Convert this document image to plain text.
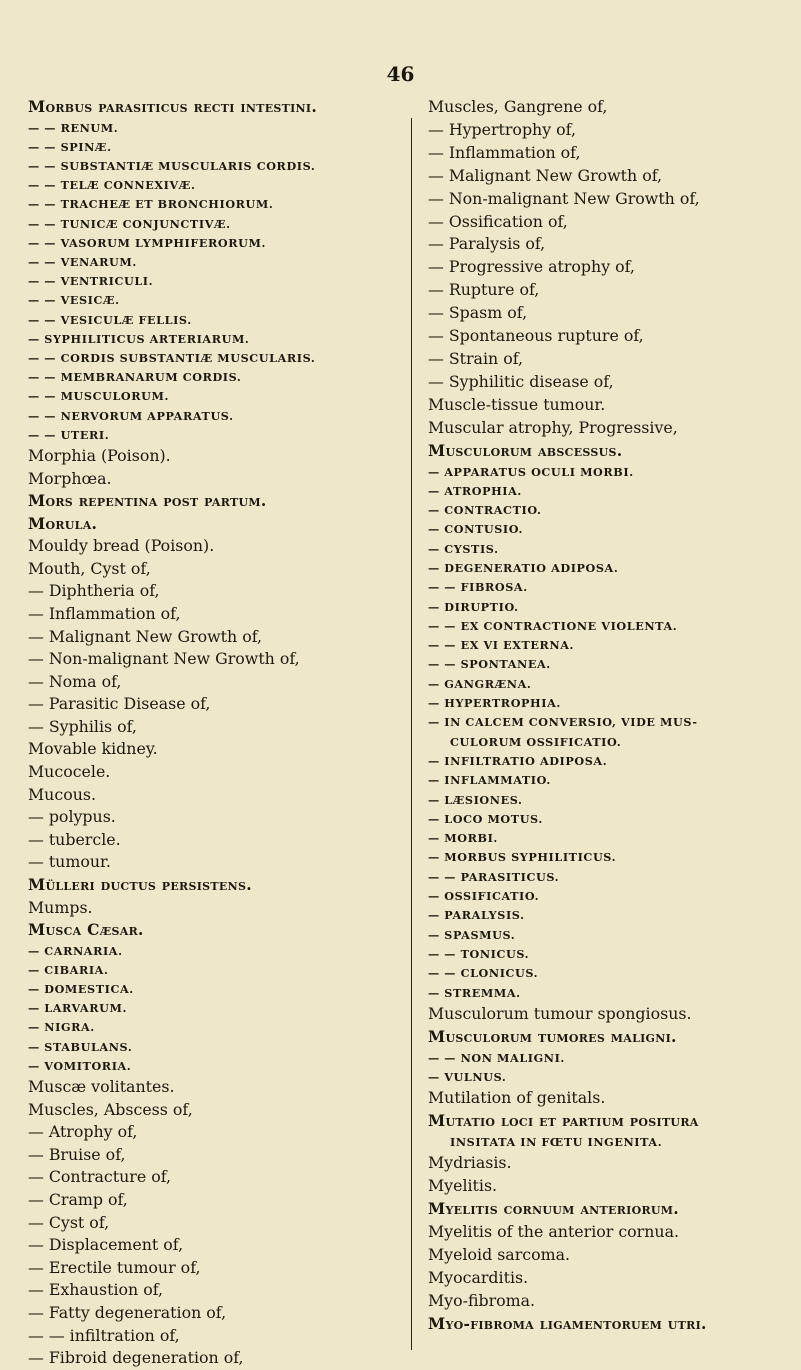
46
Morbus parasiticus recti intestini.
— — RENUM.
— — SPINÆ.
— — SUBSTANTIÆ MUSCULARIS CORDIS.
— — TELÆ CONNEXIVÆ.
— — TRACHEÆ ET BRONCHIORUM.
— — TUNICÆ CONJUNCTIVÆ.
— — VASORUM LYMPHIFERORUM.
— — VENARUM.
— — VENTRICULI.
— — VESICÆ.
— — VESICULÆ FELLIS.
— SYPHILITICUS ARTERIARUM.
— — CORDIS SUBSTANTIÆ MUSCULARIS.
— — MEMBRANARUM CORDIS.
— — MUSCULORUM.
— — NERVORUM APPARATUS.
— — UTERI.
Morphia (Poison).
Morphœa.
Mors repentina post partum.
Morula.
Mouldy bread (Poison).
Mouth, Cyst of,
— Diphtheria of,
— Inflammation of,
— Malignant New Growth of,
— Non-malignant New Growth of,
— Noma of,
— Parasitic Disease of,
— Syphilis of,
Movable kidney.
Mucocele.
Mucous.
— polypus.
— tubercle.
— tumour.
Mülleri ductus persistens.
Mumps.
Musca Cæsar.
— CARNARIA.
— CIBARIA.
— DOMESTICA.
— LARVARUM.
— NIGRA.
— STABULANS.
— VOMITORIA.
Muscæ volitantes.
Muscles, Abscess of,
— Atrophy of,
— Bruise of,
— Contracture of,
— Cramp of,
— Cyst of,
— Displacement of,
— Erectile tumour of,
— Exhaustion of,
— Fatty degeneration of,
— — infiltration of,
— Fibroid degeneration of,
Muscles, Gangrene of,
— Hypertrophy of,
— Inflammation of,
— Malignant New Growth of,
— Non-malignant New Growth of,
— Ossification of,
— Paralysis of,
— Progressive atrophy of,
— Rupture of,
— Spasm of,
— Spontaneous rupture of,
— Strain of,
— Syphilitic disease of,
Muscle-tissue tumour.
Muscular atrophy, Progressive,
Musculorum abscessus.
— APPARATUS OCULI MORBI.
— ATROPHIA.
— CONTRACTIO.
— CONTUSIO.
— CYSTIS.
— DEGENERATIO ADIPOSA.
— — FIBROSA.
— DIRUPTIO.
— — EX CONTRACTIONE VIOLENTA.
— — EX VI EXTERNA.
— — SPONTANEA.
— GANGRÆNA.
— HYPERTROPHIA.
— IN CALCEM CONVERSIO, VIDE MUS-
CULORUM OSSIFICATIO.
— INFILTRATIO ADIPOSA.
— INFLAMMATIO.
— LÆSIONES.
— LOCO MOTUS.
— MORBI.
— MORBUS SYPHILITICUS.
— — PARASITICUS.
— OSSIFICATIO.
— PARALYSIS.
— SPASMUS.
— — TONICUS.
— — CLONICUS.
— STREMMA.
Musculorum tumour spongiosus.
Musculorum tumores maligni.
— — NON MALIGNI.
— VULNUS.
Mutilation of genitals.
Mutatio loci et partium positura
INSITATA IN FŒTU INGENITA.
Mydriasis.
Myelitis.
Myelitis cornuum anteriorum.
Myelitis of the anterior cornua.
Myeloid sarcoma.
Myocarditis.
Myo-fibroma.
Myo-fibroma ligamentoruem utri.
